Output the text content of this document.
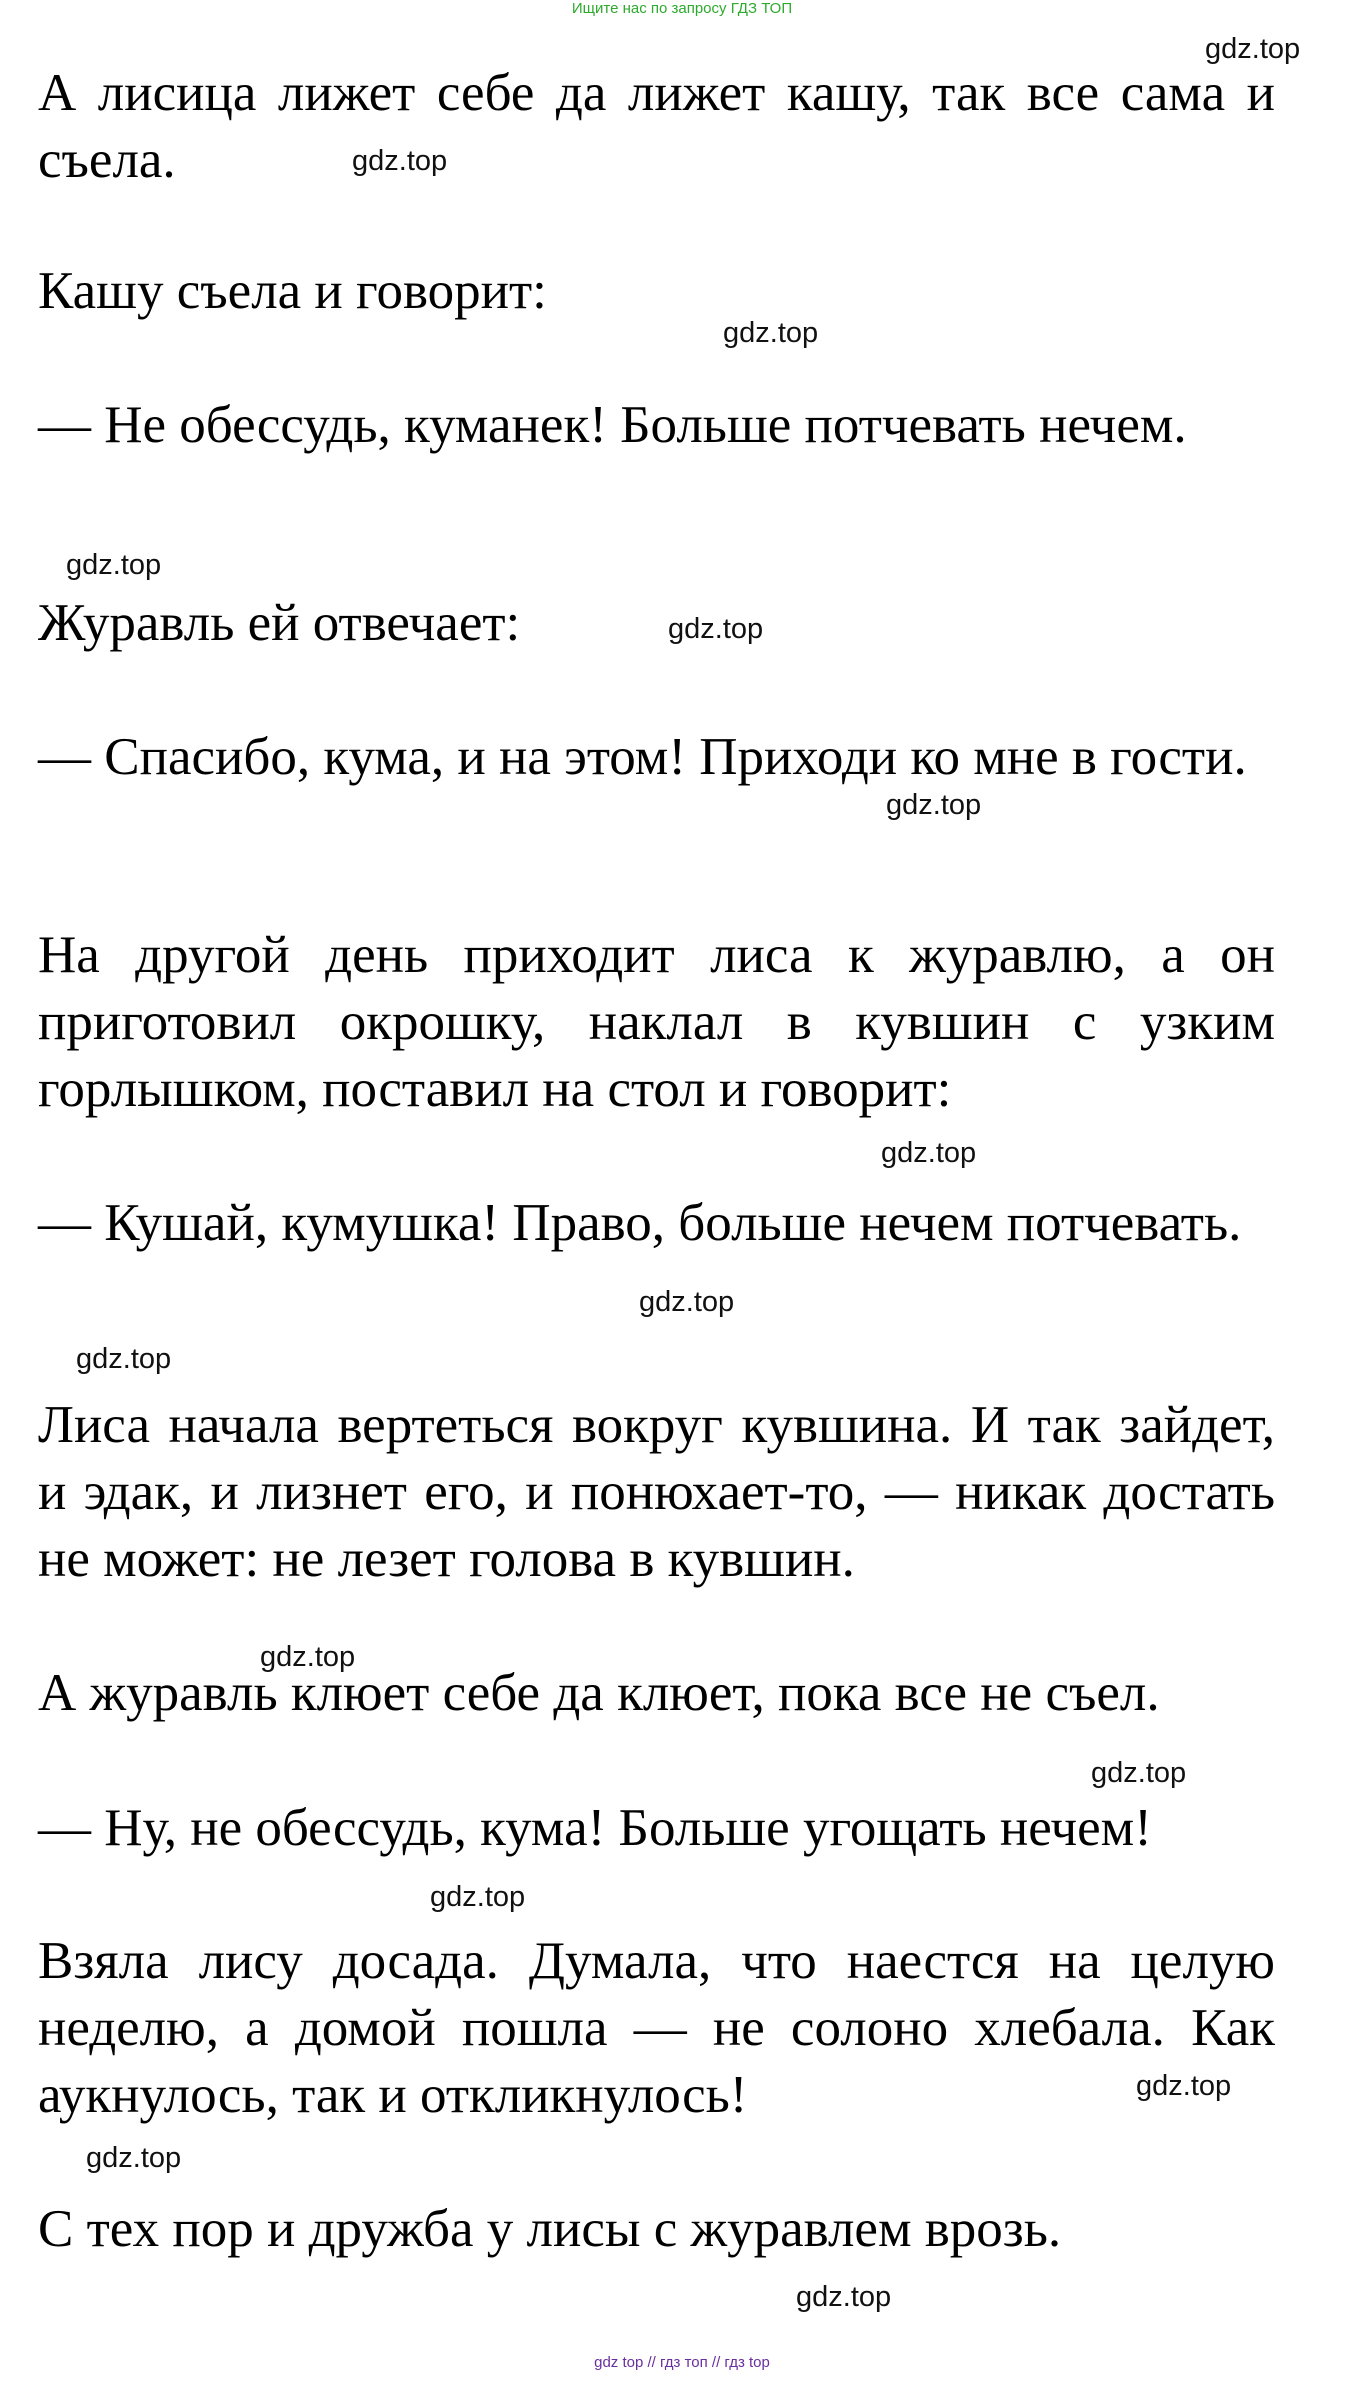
Ищите нас по запросу ГДЗ ТОП

А лисица лижет себе да лижет кашу, так все сама и съела.

Кашу съела и говорит:

— Не обессудь, куманек! Больше потчевать нечем.

Журавль ей отвечает:

— Спасибо, кума, и на этом! Приходи ко мне в гости.

На другой день приходит лиса к журавлю, а он приготовил окрошку, наклал в кувшин с узким горлышком, поставил на стол и говорит:

— Кушай, кумушка! Право, больше нечем потчевать.

Лиса начала вертеться вокруг кувшина. И так зайдет, и эдак, и лизнет его, и понюхает-то, — никак достать не может: не лезет голова в кувшин.

А журавль клюет себе да клюет, пока все не съел.

— Ну, не обессудь, кума! Больше угощать нечем!

Взяла лису досада. Думала, что наестся на целую неделю, а домой пошла — не солоно хлебала. Как аукнулось, так и откликнулось!

С тех пор и дружба у лисы с журавлем врозь.

gdz.top
gdz.top
gdz.top
gdz.top
gdz.top
gdz.top
gdz.top
gdz.top
gdz.top
gdz.top
gdz.top
gdz.top
gdz.top
gdz.top
gdz.top
gdz top // гдз топ // гдз top
